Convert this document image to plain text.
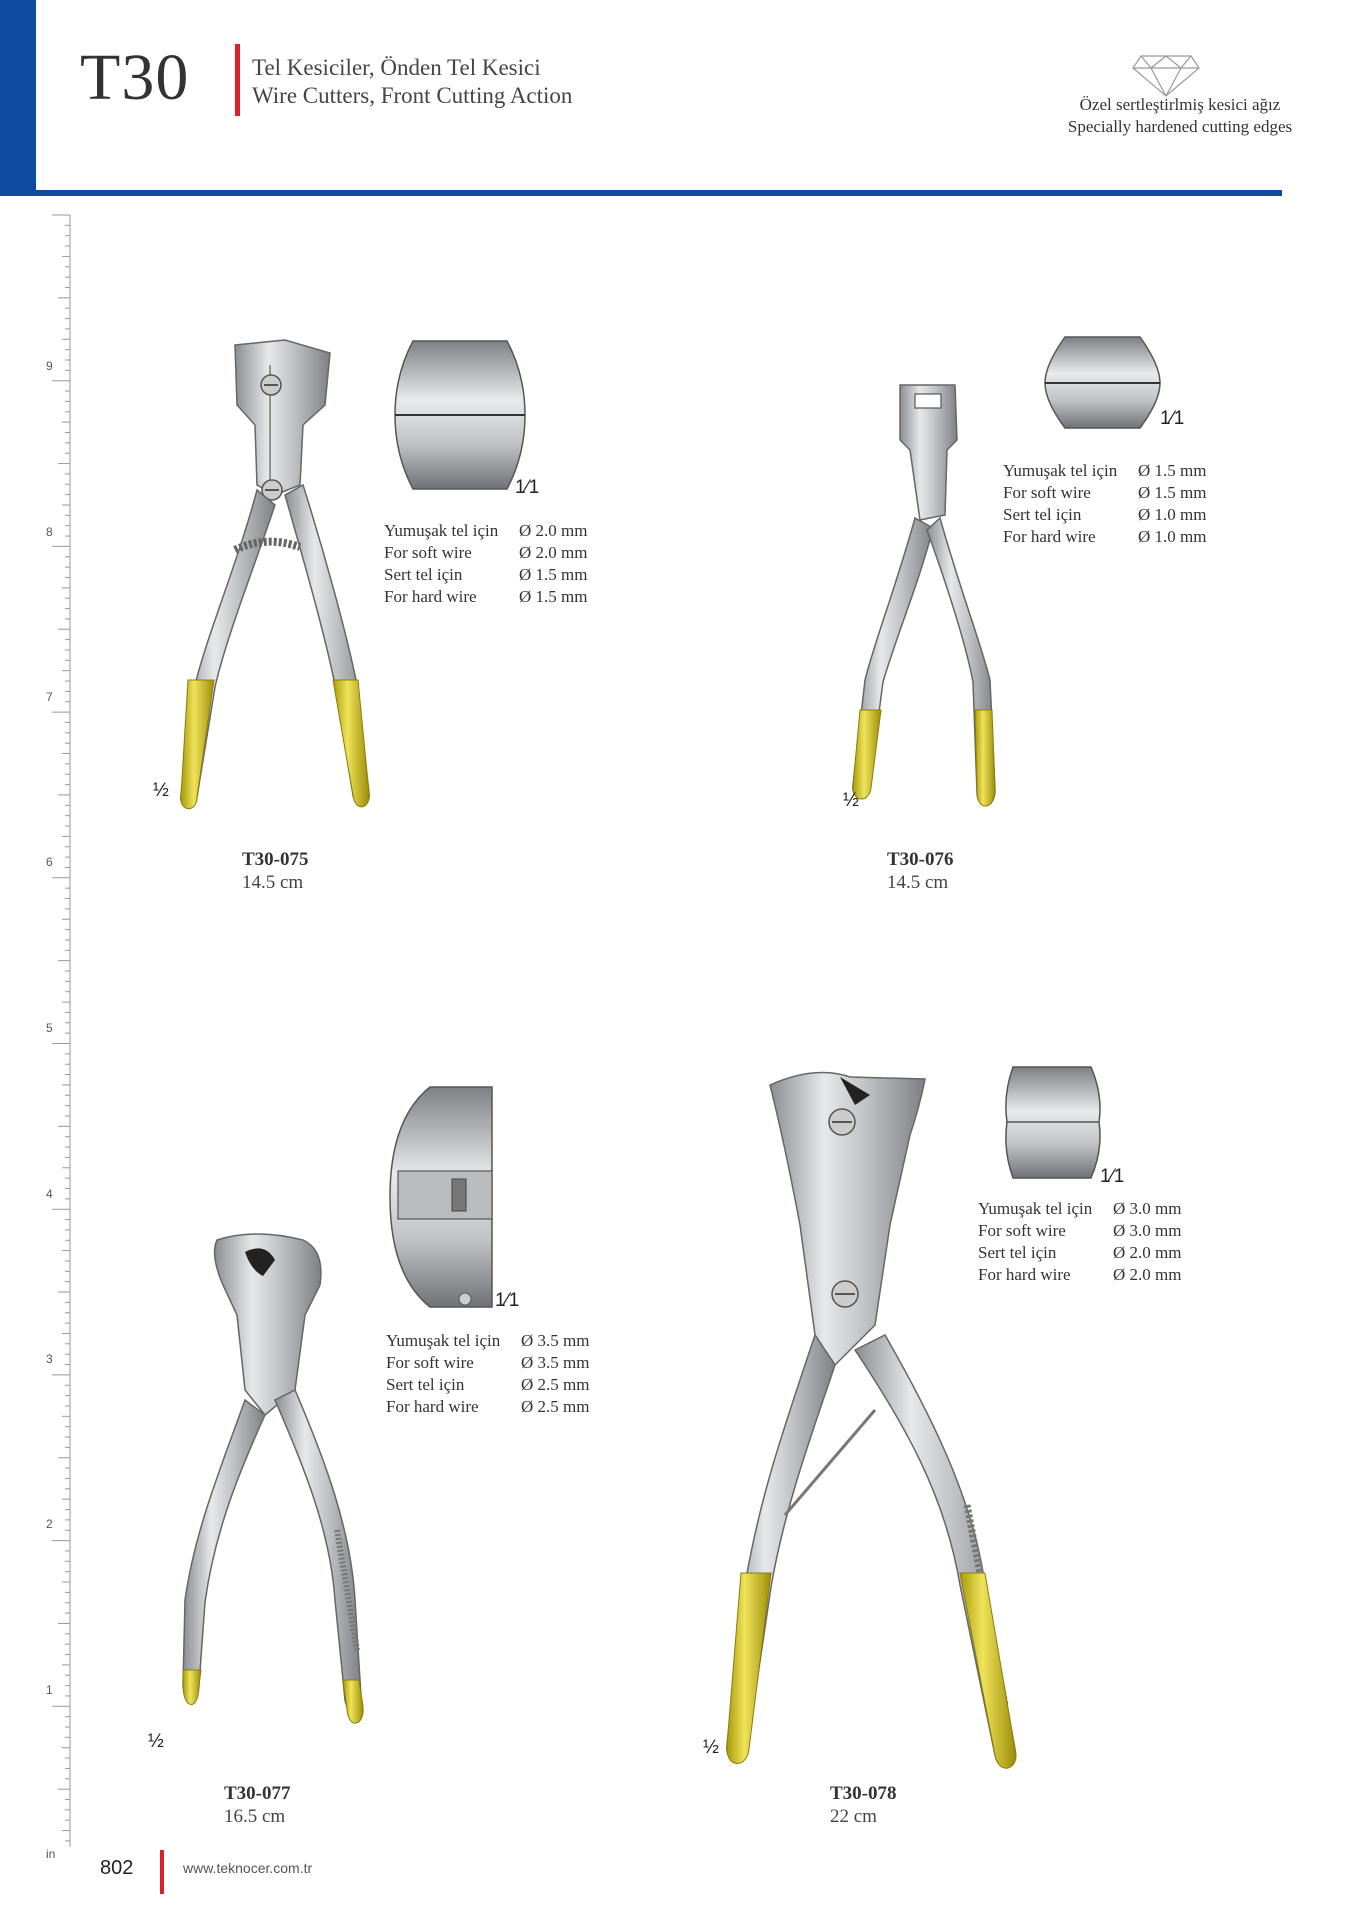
T30	Tel Kesiciler, Önden Tel Kesici
Wire Cutters, Front Cutting Action	Özel sertleştirlmiş kesici ağız
Specially hardened cutting edges
9
8
7
6
5
4
3
2
1
in
½
1⁄1
Yumuşak tel için	Ø 2.0 mm
For soft wire	Ø 2.0 mm
Sert tel için	Ø 1.5 mm
For hard wire	Ø 1.5 mm
T30-075
14.5 cm
½
1⁄1
Yumuşak tel için	Ø 1.5 mm
For soft wire	Ø 1.5 mm
Sert tel için	Ø 1.0 mm
For hard wire	Ø 1.0 mm
T30-076
14.5 cm
½
1⁄1
Yumuşak tel için	Ø 3.5 mm
For soft wire	Ø 3.5 mm
Sert tel için	Ø 2.5 mm
For hard wire	Ø 2.5 mm
T30-077
16.5 cm
½
1⁄1
Yumuşak tel için	Ø 3.0 mm
For soft wire	Ø 3.0 mm
Sert tel için	Ø 2.0 mm
For hard wire	Ø 2.0 mm
T30-078
22 cm
802	www.teknocer.com.tr
